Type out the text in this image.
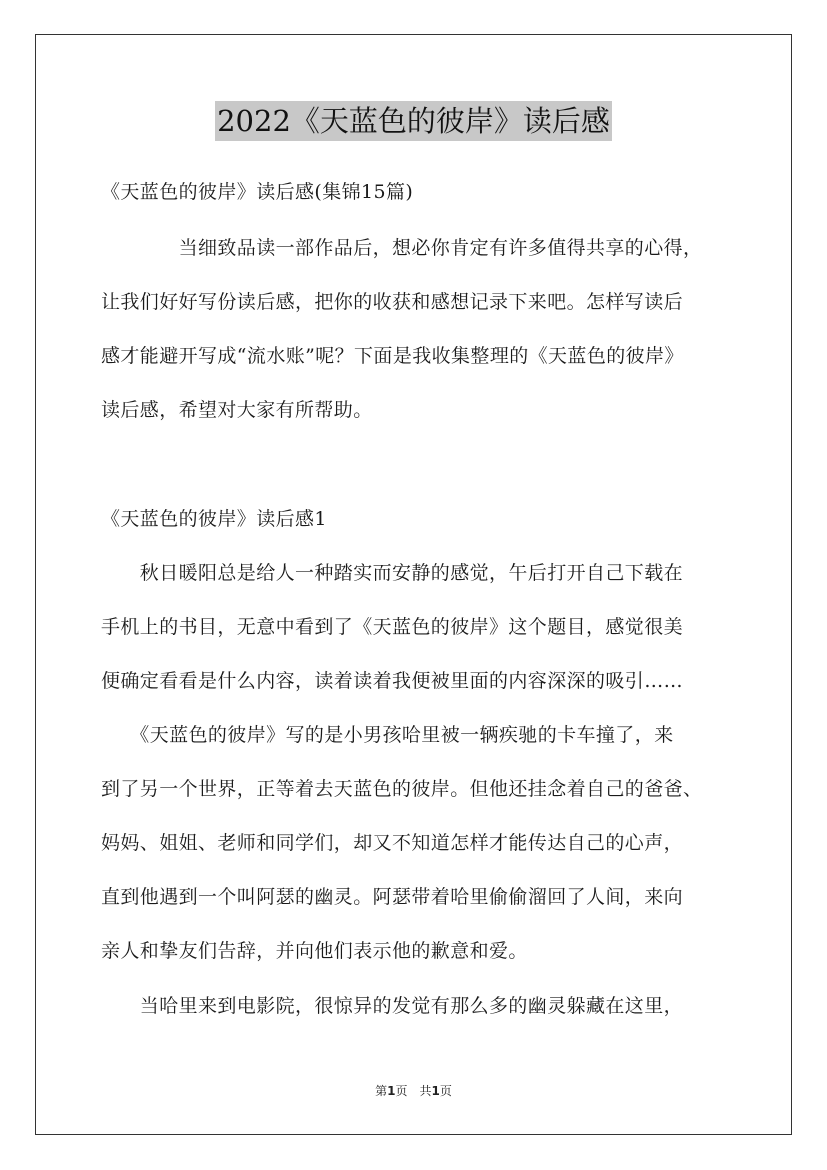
2022《天蓝色的彼岸》读后感
《天蓝色的彼岸》读后感(集锦15篇)
　　　　当细致品读一部作品后，想必你肯定有许多值得共享的心得，
让我们好好写份读后感，把你的收获和感想记录下来吧。怎样写读后
感才能避开写成“流水账”呢？下面是我收集整理的《天蓝色的彼岸》
读后感，希望对大家有所帮助。
《天蓝色的彼岸》读后感1
　　秋日暖阳总是给人一种踏实而安静的感觉，午后打开自己下载在
手机上的书目，无意中看到了《天蓝色的彼岸》这个题目，感觉很美
便确定看看是什么内容，读着读着我便被里面的内容深深的吸引……
　　《天蓝色的彼岸》写的是小男孩哈里被一辆疾驰的卡车撞了，来
到了另一个世界，正等着去天蓝色的彼岸。但他还挂念着自己的爸爸、
妈妈、姐姐、老师和同学们，却又不知道怎样才能传达自己的心声，
直到他遇到一个叫阿瑟的幽灵。阿瑟带着哈里偷偷溜回了人间，来向
亲人和挚友们告辞，并向他们表示他的歉意和爱。
　　当哈里来到电影院，很惊异的发觉有那么多的幽灵躲藏在这里，
第1页　共1页
